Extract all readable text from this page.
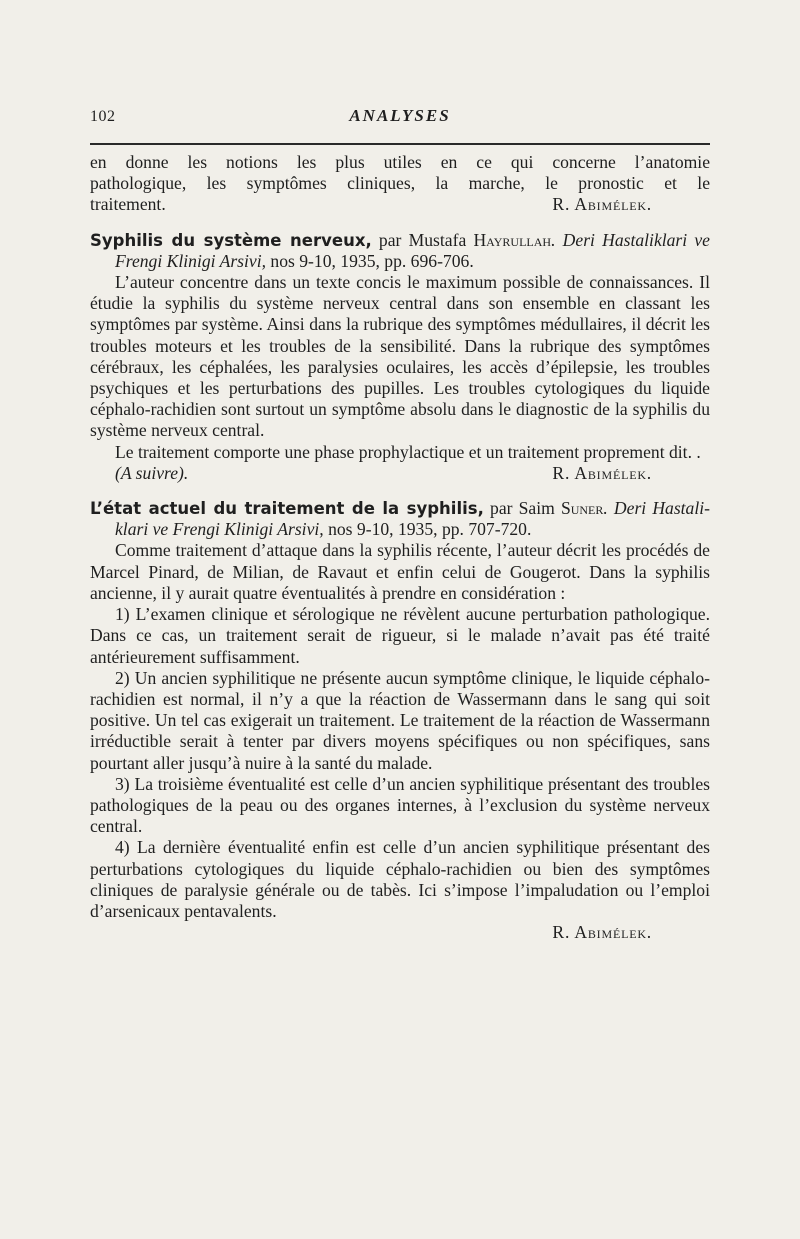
102	ANALYSES

en donne les notions les plus utiles en ce qui concerne l’anatomie
pathologique, les symptômes cliniques, la marche, le pronostic et le
traitement.	R. Abimélek.

Syphilis du système nerveux, par Mustafa Hayrullah. Deri Hastaliklari ve Frengi Klinigi Arsivi, nos 9-10, 1935, pp. 696-706.

L’auteur concentre dans un texte concis le maximum possible de connaissances. Il étudie la syphilis du système nerveux central dans son ensemble en classant les symptômes par système. Ainsi dans la rubrique des symptômes médullaires, il décrit les troubles moteurs et les troubles de la sensibilité. Dans la rubrique des symptômes cérébraux, les céphalées, les paralysies oculaires, les accès d’épilepsie, les troubles psychiques et les perturbations des pupilles. Les troubles cytologiques du liquide céphalo-rachidien sont surtout un symptôme absolu dans le diagnostic de la syphilis du système nerveux central.

Le traitement comporte une phase prophylactique et un traitement proprement dit. .

(A suivre).	R. Abimélek.

L’état actuel du traitement de la syphilis, par Saim Suner. Deri Hastali- klari ve Frengi Klinigi Arsivi, nos 9-10, 1935, pp. 707-720.

Comme traitement d’attaque dans la syphilis récente, l’auteur décrit les procédés de Marcel Pinard, de Milian, de Ravaut et enfin celui de Gougerot. Dans la syphilis ancienne, il y aurait quatre éventualités à prendre en considération :

1) L’examen clinique et sérologique ne révèlent aucune perturbation pathologique. Dans ce cas, un traitement serait de rigueur, si le malade n’avait pas été traité antérieurement suffisamment.

2) Un ancien syphilitique ne présente aucun symptôme clinique, le liquide céphalo-rachidien est normal, il n’y a que la réaction de Wassermann dans le sang qui soit positive. Un tel cas exigerait un traitement. Le traitement de la réaction de Wassermann irréductible serait à tenter par divers moyens spécifiques ou non spécifiques, sans pourtant aller jusqu’à nuire à la santé du malade.

3) La troisième éventualité est celle d’un ancien syphilitique présentant des troubles pathologiques de la peau ou des organes internes, à l’exclusion du système nerveux central.

4) La dernière éventualité enfin est celle d’un ancien syphilitique présentant des perturbations cytologiques du liquide céphalo-rachidien ou bien des symptômes cliniques de paralysie générale ou de tabès. Ici s’impose l’impaludation ou l’emploi d’arsenicaux pentavalents.

R. Abimélek.
